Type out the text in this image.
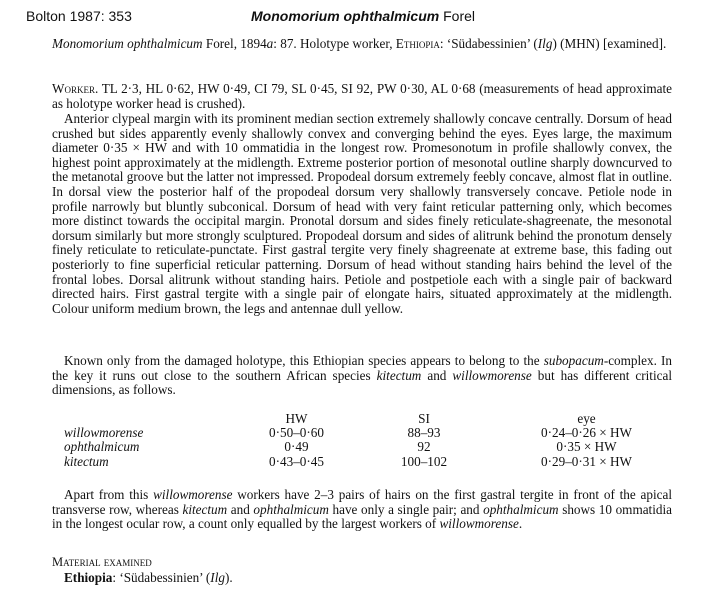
Bolton 1987: 353	Monomorium ophthalmicum Forel

Monomorium ophthalmicum Forel, 1894a: 87. Holotype worker, Ethiopia: ‘Südabessinien’ (Ilg) (MHN) [examined].

Worker. TL 2·3, HL 0·62, HW 0·49, CI 79, SL 0·45, SI 92, PW 0·30, AL 0·68 (measurements of head approximate as holotype worker head is crushed).

Anterior clypeal margin with its prominent median section extremely shallowly concave centrally. Dorsum of head crushed but sides apparently evenly shallowly convex and converging behind the eyes. Eyes large, the maximum diameter 0·35 × HW and with 10 ommatidia in the longest row. Promesonotum in profile shallowly convex, the highest point approximately at the midlength. Extreme posterior portion of mesonotal outline sharply downcurved to the metanotal groove but the latter not impressed. Propodeal dorsum extremely feebly concave, almost flat in outline. In dorsal view the posterior half of the propodeal dorsum very shallowly transversely concave. Petiole node in profile narrowly but bluntly subconical. Dorsum of head with very faint reticular patterning only, which becomes more distinct towards the occipital margin. Pronotal dorsum and sides finely reticulate-shagreenate, the mesonotal dorsum similarly but more strongly sculptured. Propodeal dorsum and sides of alitrunk behind the pronotum densely finely reticulate to reticulate-punctate. First gastral tergite very finely shagreenate at extreme base, this fading out posteriorly to fine superficial reticular patterning. Dorsum of head without standing hairs behind the level of the frontal lobes. Dorsal alitrunk without standing hairs. Petiole and postpetiole each with a single pair of backward directed hairs. First gastral tergite with a single pair of elongate hairs, situated approximately at the midlength. Colour uniform medium brown, the legs and antennae dull yellow.

Known only from the damaged holotype, this Ethiopian species appears to belong to the subopacum-complex. In the key it runs out close to the southern African species kitectum and willowmorense but has different critical dimensions, as follows.

	HW	SI	eye
willowmorense	0·50–0·60	88–93	0·24–0·26 × HW
ophthalmicum	0·49	92	0·35 × HW
kitectum	0·43–0·45	100–102	0·29–0·31 × HW

Apart from this willowmorense workers have 2–3 pairs of hairs on the first gastral tergite in front of the apical transverse row, whereas kitectum and ophthalmicum have only a single pair; and ophthalmicum shows 10 ommatidia in the longest ocular row, a count only equalled by the largest workers of willowmorense.

Material examined
Ethiopia: ‘Südabessinien’ (Ilg).
